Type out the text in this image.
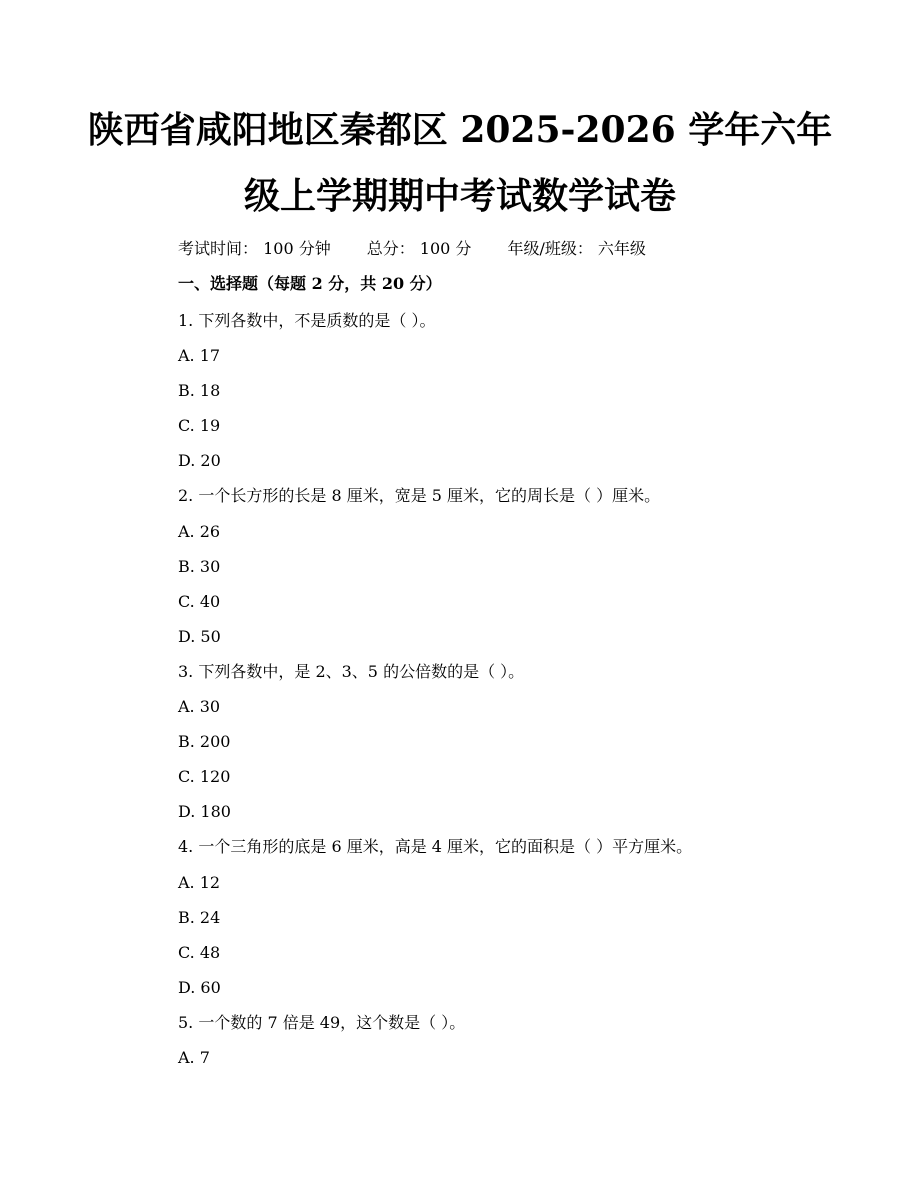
陕西省咸阳地区秦都区 2025-2026 学年六年
级上学期期中考试数学试卷
考试时间： 100 分钟 总分： 100 分 年级/班级： 六年级
一、选择题（每题 2 分，共 20 分）
1. 下列各数中，不是质数的是（ ）。
A. 17
B. 18
C. 19
D. 20
2. 一个长方形的长是 8 厘米，宽是 5 厘米，它的周长是（ ）厘米。
A. 26
B. 30
C. 40
D. 50
3. 下列各数中，是 2、3、5 的公倍数的是（ ）。
A. 30
B. 200
C. 120
D. 180
4. 一个三角形的底是 6 厘米，高是 4 厘米，它的面积是（ ）平方厘米。
A. 12
B. 24
C. 48
D. 60
5. 一个数的 7 倍是 49，这个数是（ ）。
A. 7
